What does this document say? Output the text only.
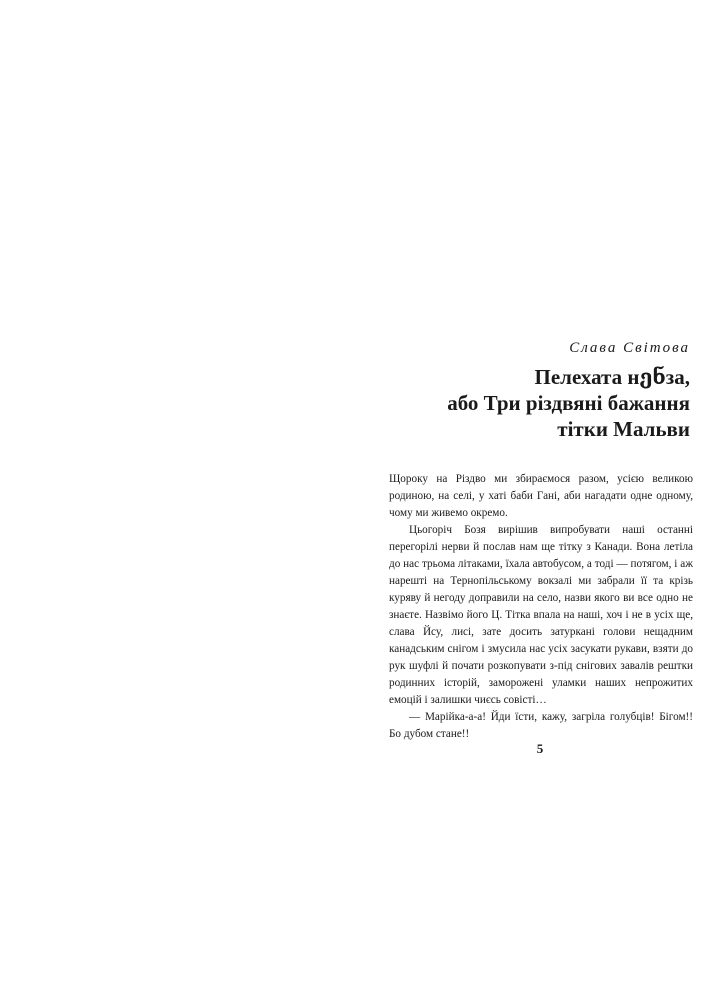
Слава Світова
Пелехата нენза,
або Три різдвяні бажання
тітки Мальви

Щороку на Різдво ми збираємося разом, усією великою родиною, на селі, у хаті баби Гані, аби нагадати одне одному, чому ми живемо окремо.

Цьогоріч Бозя вирішив випробувати наші останні перегорілі нерви й послав нам ще тітку з Канади. Вона летіла до нас трьома літаками, їхала автобусом, а тоді — потягом, і аж нарешті на Тернопільському вокзалі ми забрали її та крізь куряву й негоду доправили на село, назви якого ви все одно не знаєте. Назвімо його Ц. Тітка впала на наші, хоч і не в усіх ще, слава Йсу, лисі, зате досить затуркані голови нещадним канадським снігом і змусила нас усіх засукати рукави, взяти до рук шуфлі й почати розкопувати з-під снігових завалів рештки родинних історій, заморожені уламки наших непрожитих емоцій і залишки чиєсь совісті…

— Марійка-а-а! Йди їсти, кажу, загріла голубців! Бігом!! Бо дубом стане!!

5
